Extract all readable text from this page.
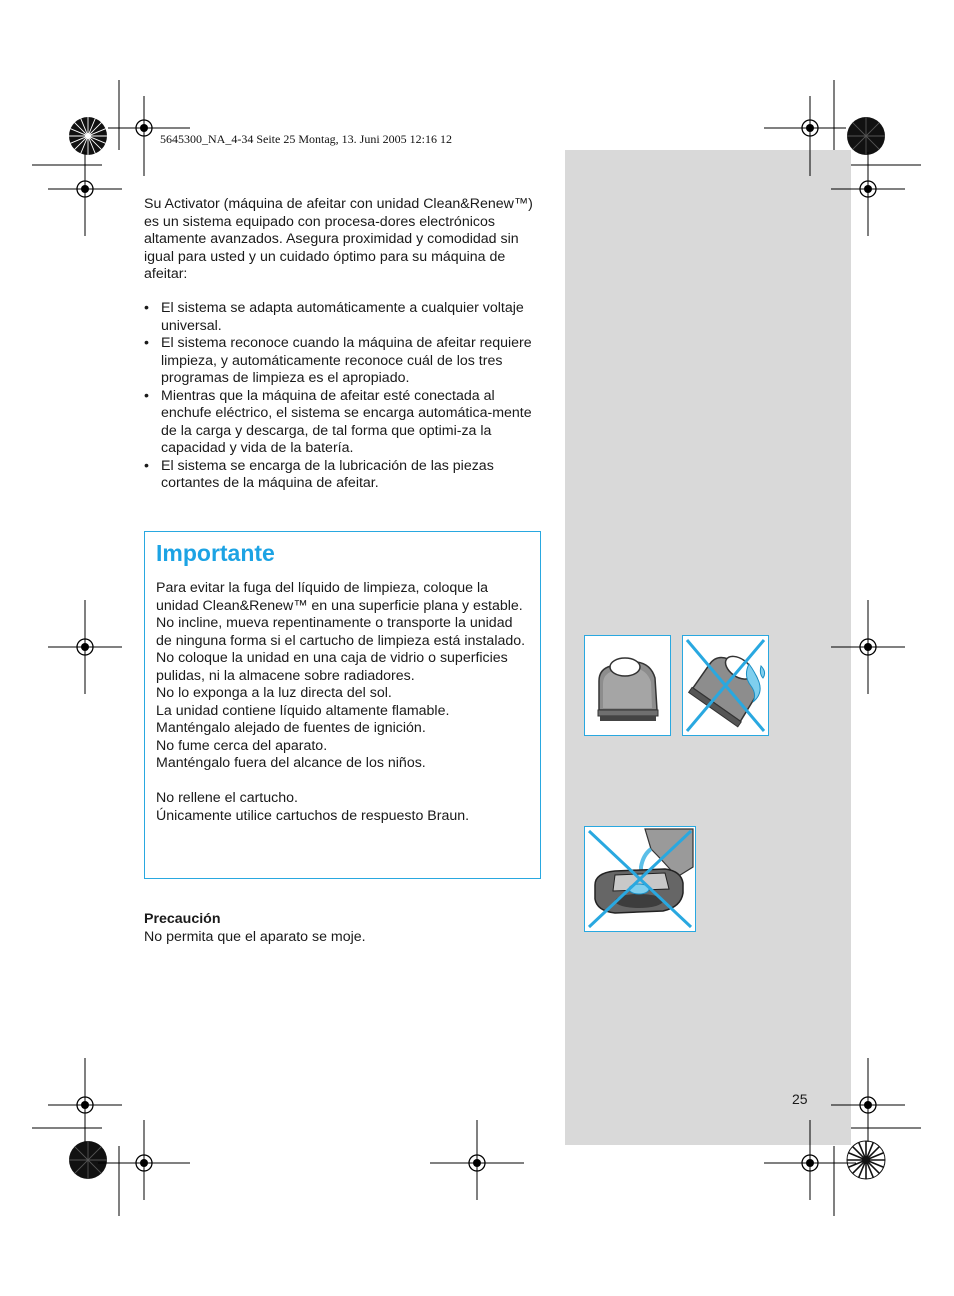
5645300_NA_4-34 Seite 25 Montag, 13. Juni 2005 12:16 12
Su Activator (máquina de afeitar con unidad Clean&Renew™) es un sistema equipado con procesa-dores electrónicos altamente avanzados. Asegura proximidad y comodidad sin igual para usted y un cuidado óptimo para su máquina de afeitar:
• El sistema se adapta automáticamente a cualquier voltaje universal.
• El sistema reconoce cuando la máquina de afeitar requiere limpieza, y automáticamente reconoce cuál de los tres programas de limpieza es el apropiado.
• Mientras que la máquina de afeitar esté conectada al enchufe eléctrico, el sistema se encarga automática-mente de la carga y descarga, de tal forma que optimi-za la capacidad y vida de la batería.
• El sistema se encarga de la lubricación de las piezas cortantes de la máquina de afeitar.
Importante

Para evitar la fuga del líquido de limpieza, coloque la unidad Clean&Renew™ en una superficie plana y estable.

No incline, mueva repentinamente o transporte la unidad de ninguna forma si el cartucho de limpieza está instalado.

No coloque la unidad en una caja de vidrio o superficies pulidas, ni la almacene sobre radiadores.

No lo exponga a la luz directa del sol.

La unidad contiene líquido altamente flamable.

Manténgalo alejado de fuentes de ignición.

No fume cerca del aparato.

Manténgalo fuera del alcance de los niños.

No rellene el cartucho.

Únicamente utilice cartuchos de respuesto Braun.

Precaución
No permita que el aparato se moje.
25
